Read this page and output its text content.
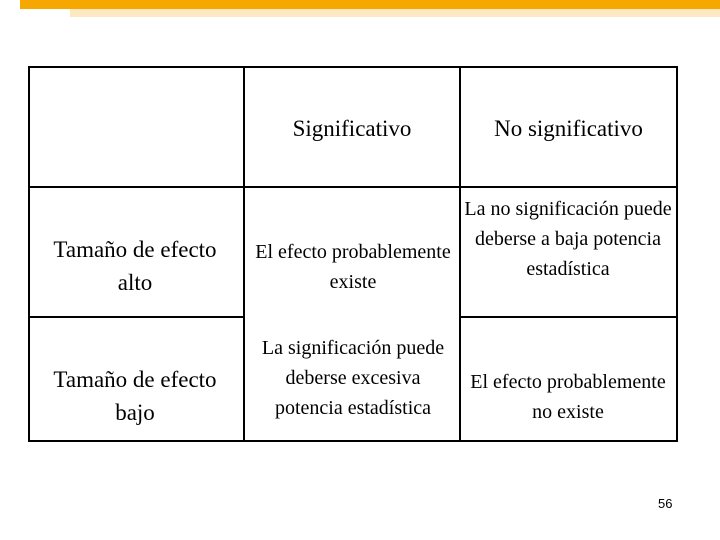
Significativo	No significativo
Tamaño de efecto alto
El efecto probablemente existe
La no significación puede deberse a baja potencia estadística
Tamaño de efecto bajo
La significación puede deberse excesiva potencia estadística
El efecto probablemente no existe
56
